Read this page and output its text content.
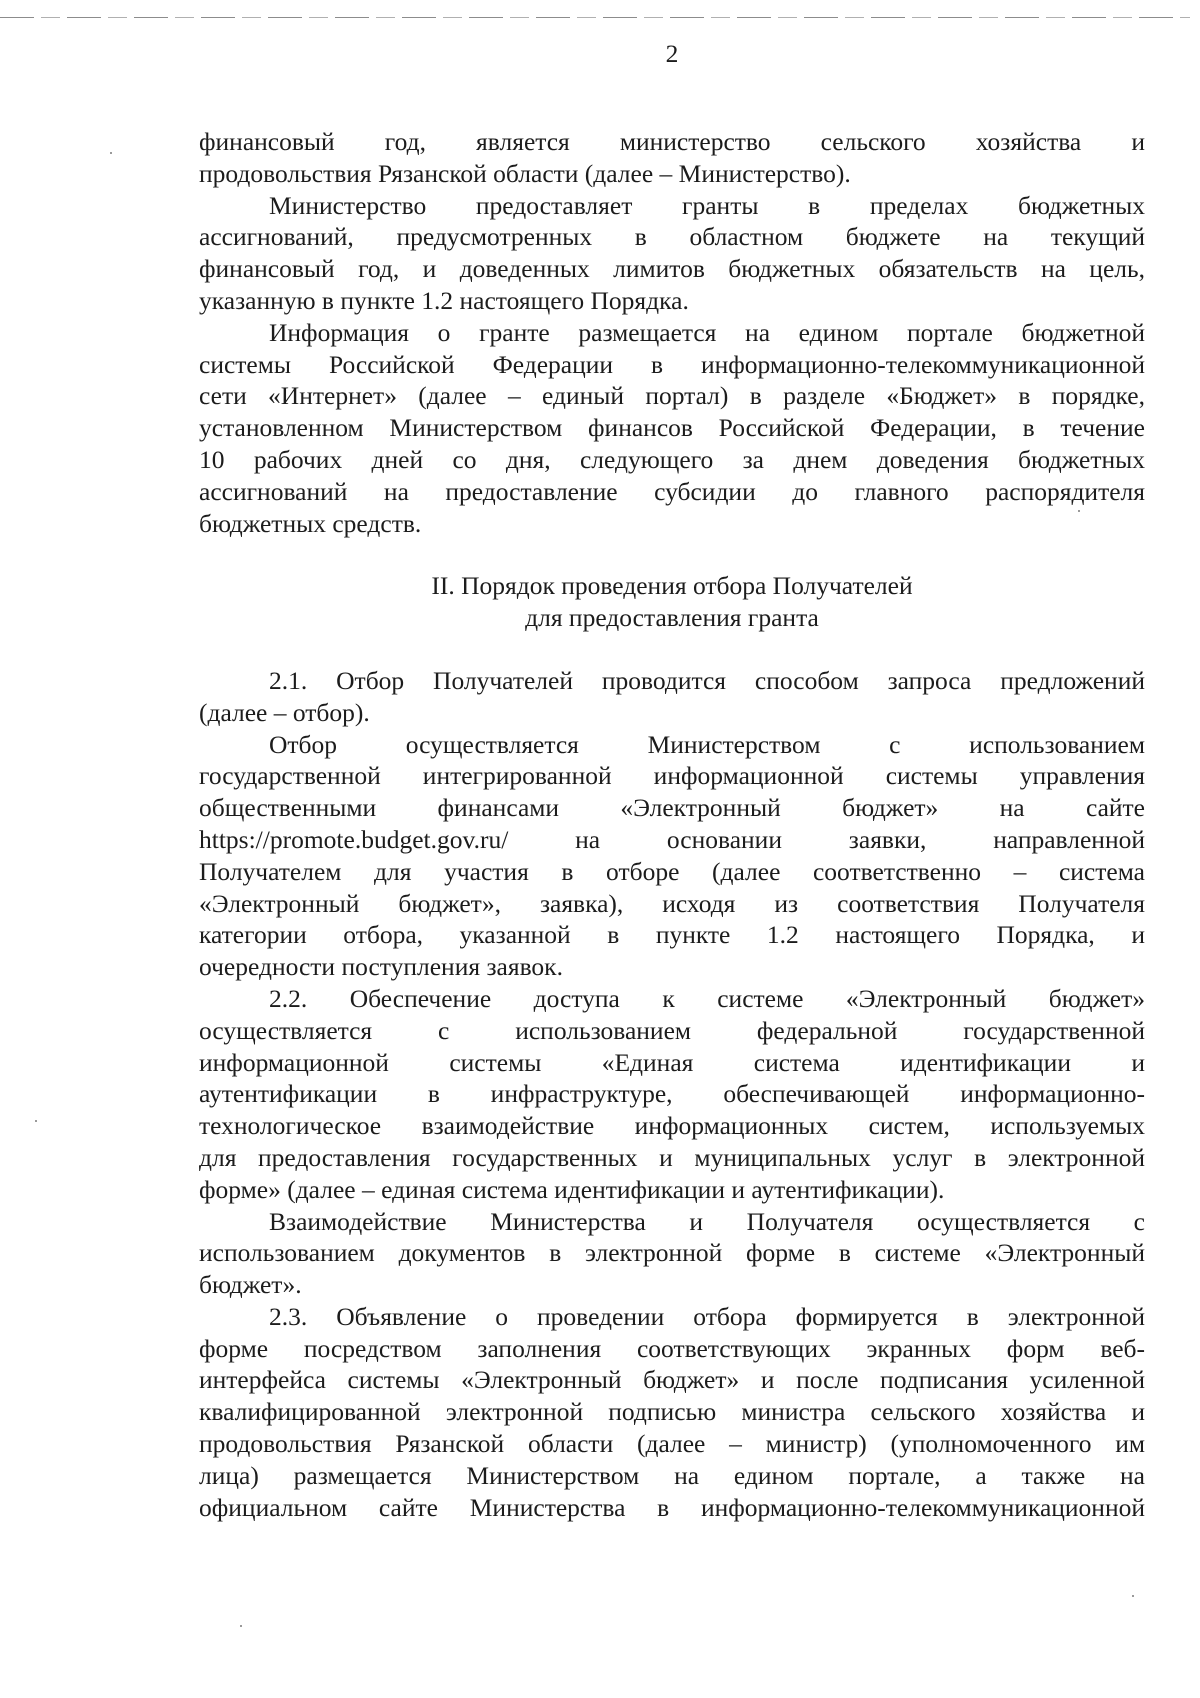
2
финансовый год, является министерство сельского хозяйства и
продовольствия Рязанской области (далее – Министерство).
Министерство предоставляет гранты в пределах бюджетных
ассигнований, предусмотренных в областном бюджете на текущий
финансовый год, и доведенных лимитов бюджетных обязательств на цель,
указанную в пункте 1.2 настоящего Порядка.
Информация о гранте размещается на едином портале бюджетной
системы Российской Федерации в информационно-телекоммуникационной
сети «Интернет» (далее – единый портал) в разделе «Бюджет» в порядке,
установленном Министерством финансов Российской Федерации, в течение
10 рабочих дней со дня, следующего за днем доведения бюджетных
ассигнований на предоставление субсидии до главного распорядителя
бюджетных средств.
II. Порядок проведения отбора Получателей
для предоставления гранта
2.1. Отбор Получателей проводится способом запроса предложений
(далее – отбор).
Отбор осуществляется Министерством с использованием
государственной интегрированной информационной системы управления
общественными финансами «Электронный бюджет» на сайте
https://promote.budget.gov.ru/ на основании заявки, направленной
Получателем для участия в отборе (далее соответственно – система
«Электронный бюджет», заявка), исходя из соответствия Получателя
категории отбора, указанной в пункте 1.2 настоящего Порядка, и
очередности поступления заявок.
2.2. Обеспечение доступа к системе «Электронный бюджет»
осуществляется с использованием федеральной государственной
информационной системы «Единая система идентификации и
аутентификации в инфраструктуре, обеспечивающей информационно-
технологическое взаимодействие информационных систем, используемых
для предоставления государственных и муниципальных услуг в электронной
форме» (далее – единая система идентификации и аутентификации).
Взаимодействие Министерства и Получателя осуществляется с
использованием документов в электронной форме в системе «Электронный
бюджет».
2.3. Объявление о проведении отбора формируется в электронной
форме посредством заполнения соответствующих экранных форм веб-
интерфейса системы «Электронный бюджет» и после подписания усиленной
квалифицированной электронной подписью министра сельского хозяйства и
продовольствия Рязанской области (далее – министр) (уполномоченного им
лица) размещается Министерством на едином портале, а также на
официальном сайте Министерства в информационно-телекоммуникационной
